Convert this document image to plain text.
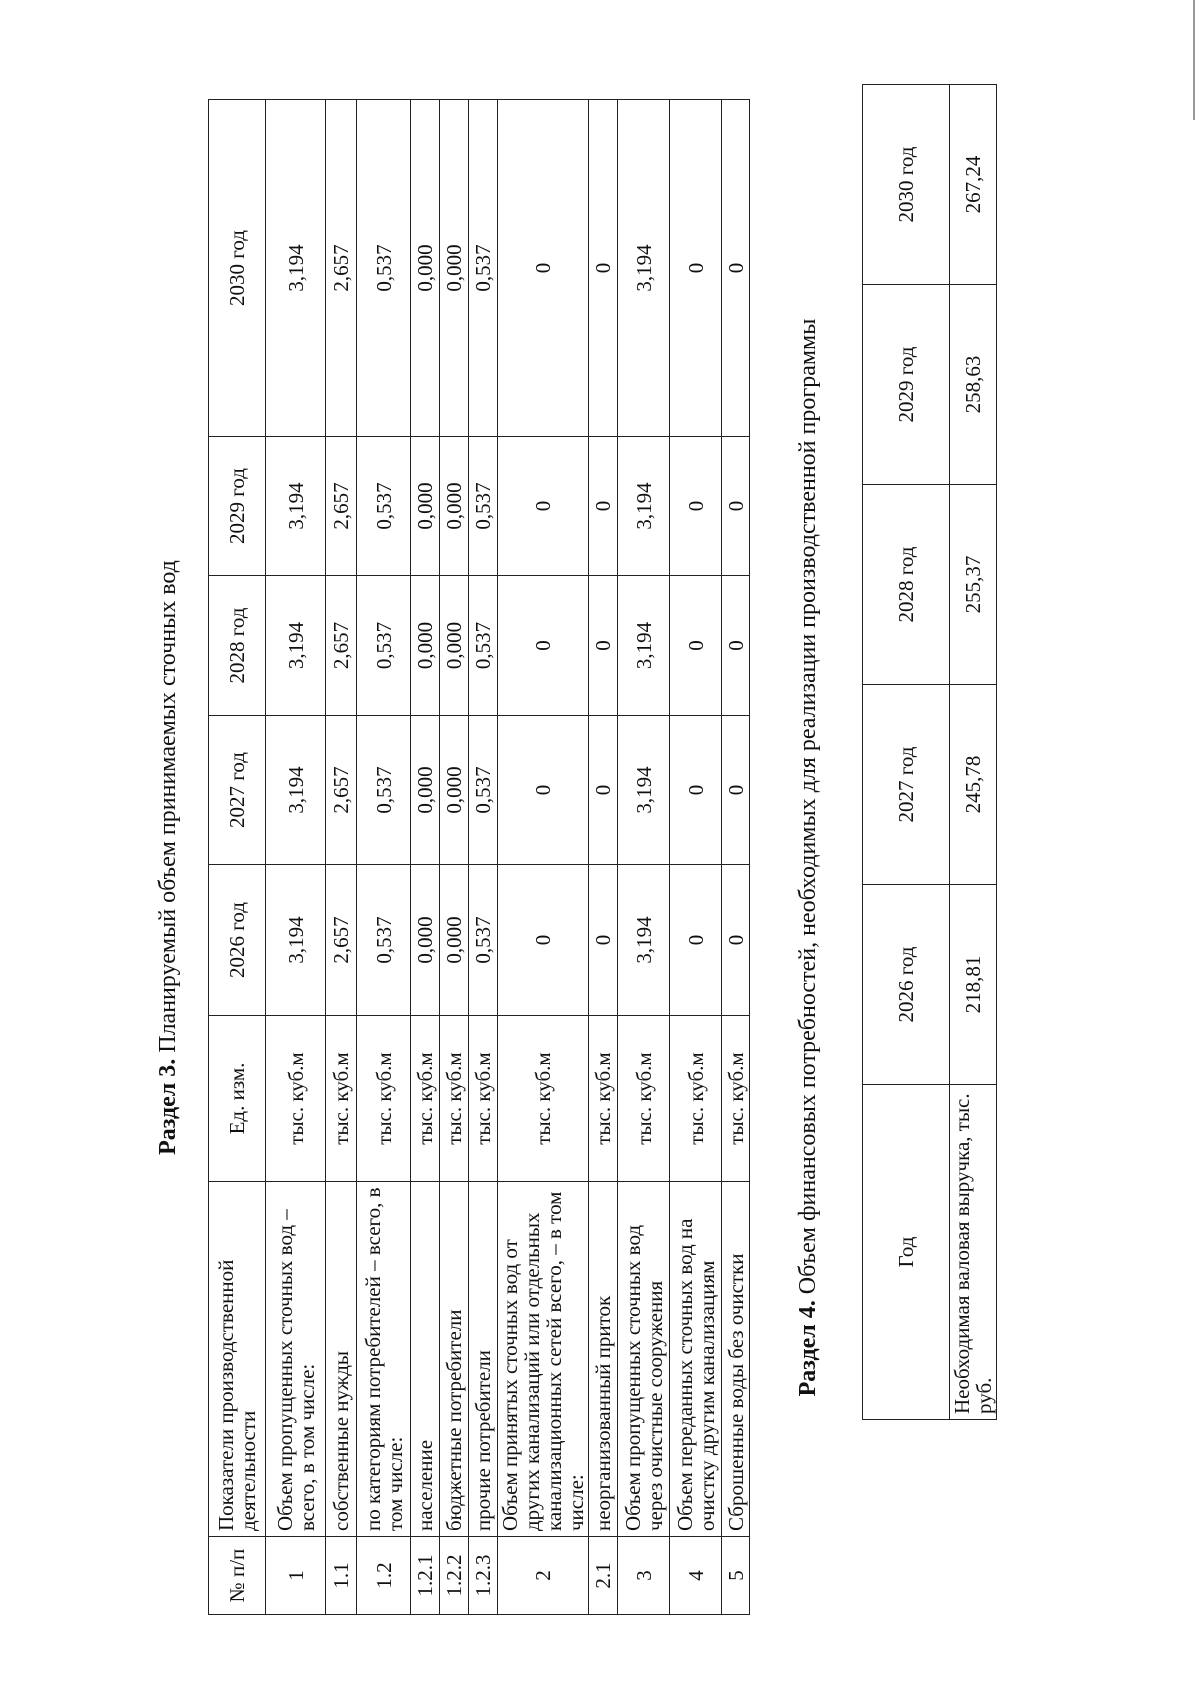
Раздел 3. Планируемый объем принимаемых сточных вод
№ п/п	Показатели производственной деятельности	Ед. изм.	2026 год	2027 год	2028 год	2029 год	2030 год
1	Объем пропущенных сточных вод – всего, в том числе:	тыс. куб.м	3,194	3,194	3,194	3,194	3,194
1.1	собственные нужды	тыс. куб.м	2,657	2,657	2,657	2,657	2,657
1.2	по категориям потребителей – всего, в том числе:	тыс. куб.м	0,537	0,537	0,537	0,537	0,537
1.2.1	население	тыс. куб.м	0,000	0,000	0,000	0,000	0,000
1.2.2	бюджетные потребители	тыс. куб.м	0,000	0,000	0,000	0,000	0,000
1.2.3	прочие потребители	тыс. куб.м	0,537	0,537	0,537	0,537	0,537
2	Объем принятых сточных вод от других канализаций или отдельных канализационных сетей всего, – в том числе:	тыс. куб.м	0	0	0	0	0
2.1	неорганизованный приток	тыс. куб.м	0	0	0	0	0
3	Объем пропущенных сточных вод через очистные сооружения	тыс. куб.м	3,194	3,194	3,194	3,194	3,194
4	Объем переданных сточных вод на очистку другим канализациям	тыс. куб.м	0	0	0	0	0
5	Сброшенные воды без очистки	тыс. куб.м	0	0	0	0	0
Раздел 4. Объем финансовых потребностей, необходимых для реализации производственной программы	Год	2026 год	2027 год	2028 год	2029 год	2030 год
Необходимая валовая выручка, тыс. руб.	218,81	245,78	255,37	258,63	267,24
